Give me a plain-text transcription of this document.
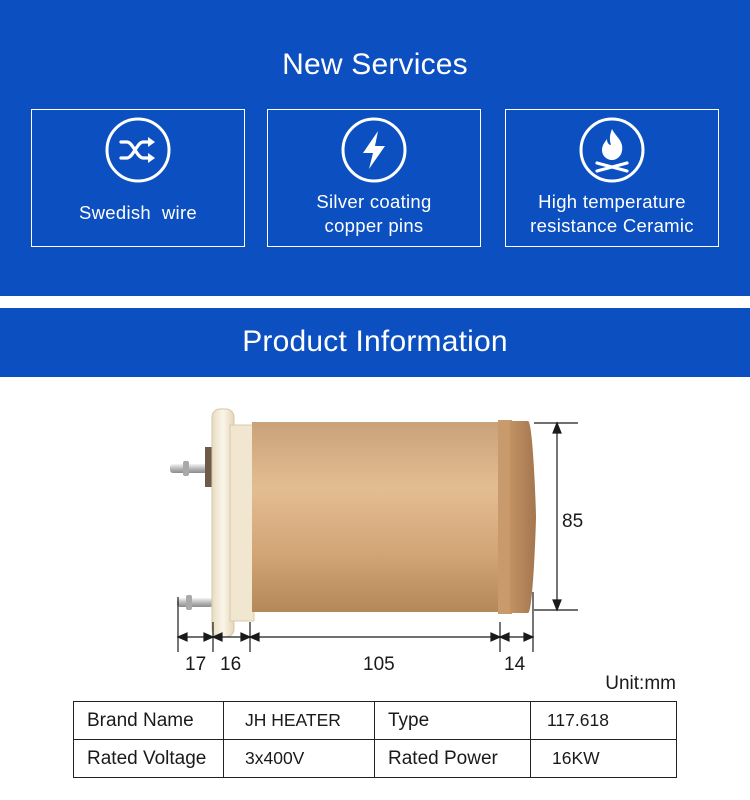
New Services
Swedish  wire
Silver coating
copper pins
High temperature
resistance Ceramic
Product Information
85
17 16	105	14
Unit:mm
Brand Name	JH HEATER	Type	117.618
Rated Voltage	3x400V	Rated Power	16KW
